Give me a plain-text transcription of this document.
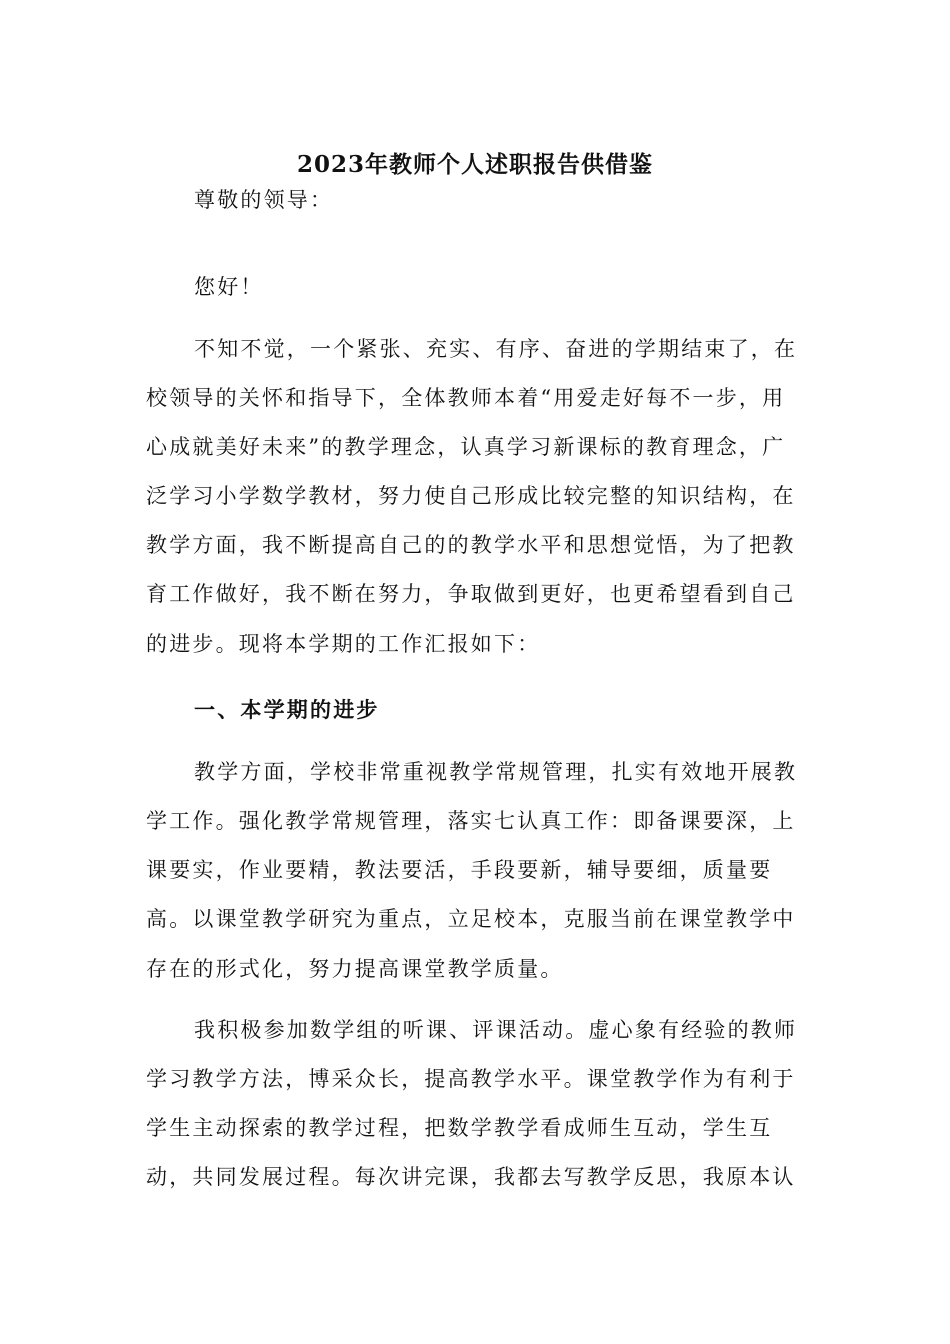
2023年教师个人述职报告供借鉴

尊敬的领导：

您好！

不知不觉，一个紧张、充实、有序、奋进的学期结束了，在

校领导的关怀和指导下，全体教师本着“用爱走好每不一步，用

心成就美好未来”的教学理念，认真学习新课标的教育理念，广

泛学习小学数学教材，努力使自己形成比较完整的知识结构，在

教学方面，我不断提高自己的的教学水平和思想觉悟，为了把教

育工作做好，我不断在努力，争取做到更好，也更希望看到自己

的进步。现将本学期的工作汇报如下：

一、本学期的进步

教学方面，学校非常重视教学常规管理，扎实有效地开展教

学工作。强化教学常规管理，落实七认真工作：即备课要深，上

课要实，作业要精，教法要活，手段要新，辅导要细，质量要

高。以课堂教学研究为重点，立足校本，克服当前在课堂教学中

存在的形式化，努力提高课堂教学质量。

我积极参加数学组的听课、评课活动。虚心象有经验的教师

学习教学方法，博采众长，提高教学水平。课堂教学作为有利于

学生主动探索的教学过程，把数学教学看成师生互动，学生互

动，共同发展过程。每次讲完课，我都去写教学反思，我原本认
